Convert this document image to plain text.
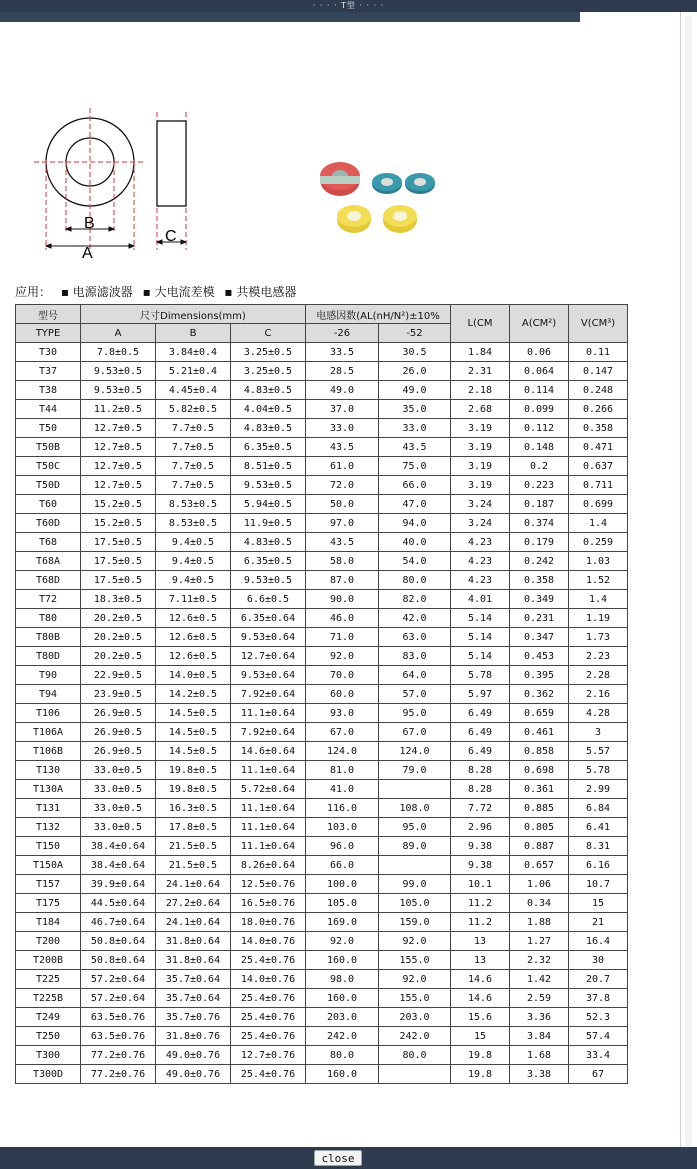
· · · · T型 · · · ·
B
A
C
应用： ▪ 电源滤波器 ▪ 大电流差模 ▪ 共模电感器
型号	尺寸Dimensions(mm)			电感因数(AL(nH/N²)±10%		L(CM	A(CM²)	V(CM³)
TYPE	A	B	C	-26	-52			
T30	7.8±0.5	3.84±0.4	3.25±0.5	33.5	30.5	1.84	0.06	0.11
T37	9.53±0.5	5.21±0.4	3.25±0.5	28.5	26.0	2.31	0.064	0.147
T38	9.53±0.5	4.45±0.4	4.83±0.5	49.0	49.0	2.18	0.114	0.248
T44	11.2±0.5	5.82±0.5	4.04±0.5	37.0	35.0	2.68	0.099	0.266
T50	12.7±0.5	7.7±0.5	4.83±0.5	33.0	33.0	3.19	0.112	0.358
T50B	12.7±0.5	7.7±0.5	6.35±0.5	43.5	43.5	3.19	0.148	0.471
T50C	12.7±0.5	7.7±0.5	8.51±0.5	61.0	75.0	3.19	0.2	0.637
T50D	12.7±0.5	7.7±0.5	9.53±0.5	72.0	66.0	3.19	0.223	0.711
T60	15.2±0.5	8.53±0.5	5.94±0.5	50.0	47.0	3.24	0.187	0.699
T60D	15.2±0.5	8.53±0.5	11.9±0.5	97.0	94.0	3.24	0.374	1.4
T68	17.5±0.5	9.4±0.5	4.83±0.5	43.5	40.0	4.23	0.179	0.259
T68A	17.5±0.5	9.4±0.5	6.35±0.5	58.0	54.0	4.23	0.242	1.03
T68D	17.5±0.5	9.4±0.5	9.53±0.5	87.0	80.0	4.23	0.358	1.52
T72	18.3±0.5	7.11±0.5	6.6±0.5	90.0	82.0	4.01	0.349	1.4
T80	20.2±0.5	12.6±0.5	6.35±0.64	46.0	42.0	5.14	0.231	1.19
T80B	20.2±0.5	12.6±0.5	9.53±0.64	71.0	63.0	5.14	0.347	1.73
T80D	20.2±0.5	12.6±0.5	12.7±0.64	92.0	83.0	5.14	0.453	2.23
T90	22.9±0.5	14.0±0.5	9.53±0.64	70.0	64.0	5.78	0.395	2.28
T94	23.9±0.5	14.2±0.5	7.92±0.64	60.0	57.0	5.97	0.362	2.16
T106	26.9±0.5	14.5±0.5	11.1±0.64	93.0	95.0	6.49	0.659	4.28
T106A	26.9±0.5	14.5±0.5	7.92±0.64	67.0	67.0	6.49	0.461	3
T106B	26.9±0.5	14.5±0.5	14.6±0.64	124.0	124.0	6.49	0.858	5.57
T130	33.0±0.5	19.8±0.5	11.1±0.64	81.0	79.0	8.28	0.698	5.78
T130A	33.0±0.5	19.8±0.5	5.72±0.64	41.0		8.28	0.361	2.99
T131	33.0±0.5	16.3±0.5	11.1±0.64	116.0	108.0	7.72	0.885	6.84
T132	33.0±0.5	17.8±0.5	11.1±0.64	103.0	95.0	2.96	0.805	6.41
T150	38.4±0.64	21.5±0.5	11.1±0.64	96.0	89.0	9.38	0.887	8.31
T150A	38.4±0.64	21.5±0.5	8.26±0.64	66.0		9.38	0.657	6.16
T157	39.9±0.64	24.1±0.64	12.5±0.76	100.0	99.0	10.1	1.06	10.7
T175	44.5±0.64	27.2±0.64	16.5±0.76	105.0	105.0	11.2	0.34	15
T184	46.7±0.64	24.1±0.64	18.0±0.76	169.0	159.0	11.2	1.88	21
T200	50.8±0.64	31.8±0.64	14.0±0.76	92.0	92.0	13	1.27	16.4
T200B	50.8±0.64	31.8±0.64	25.4±0.76	160.0	155.0	13	2.32	30
T225	57.2±0.64	35.7±0.64	14.0±0.76	98.0	92.0	14.6	1.42	20.7
T225B	57.2±0.64	35.7±0.64	25.4±0.76	160.0	155.0	14.6	2.59	37.8
T249	63.5±0.76	35.7±0.76	25.4±0.76	203.0	203.0	15.6	3.36	52.3
T250	63.5±0.76	31.8±0.76	25.4±0.76	242.0	242.0	15	3.84	57.4
T300	77.2±0.76	49.0±0.76	12.7±0.76	80.0	80.0	19.8	1.68	33.4
T300D	77.2±0.76	49.0±0.76	25.4±0.76	160.0		19.8	3.38	67
close
